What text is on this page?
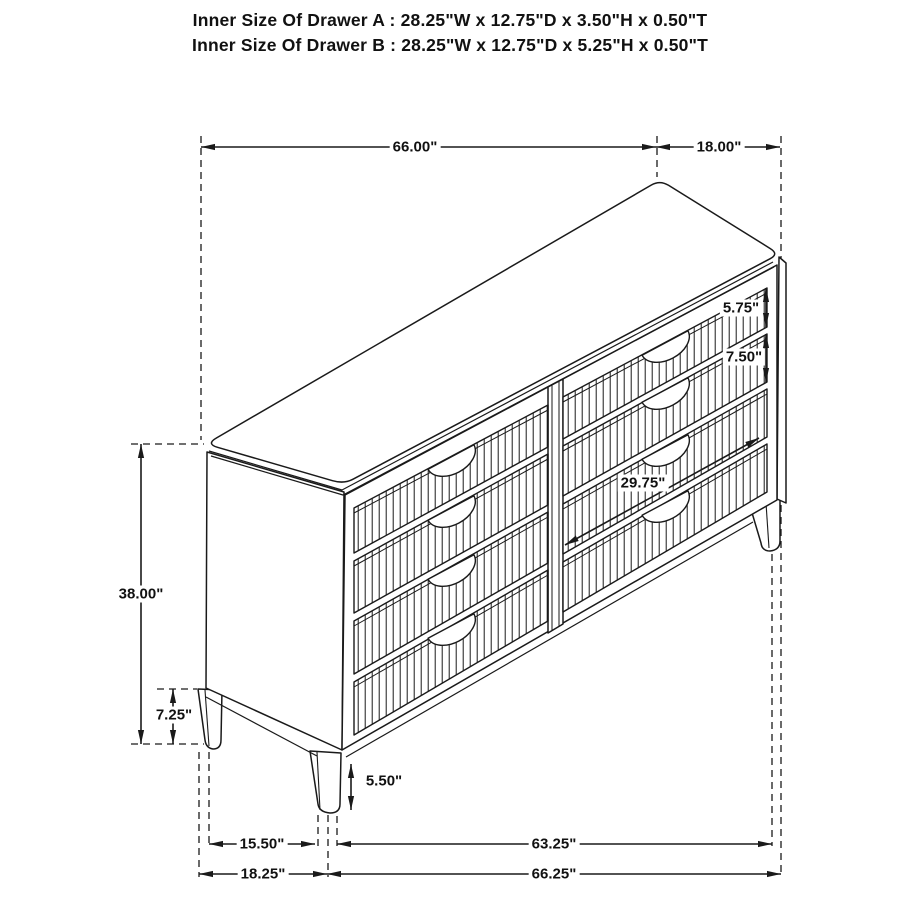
Inner Size Of Drawer A : 28.25"W x 12.75"D x 3.50"H x 0.50"T
Inner Size Of Drawer B : 28.25"W x 12.75"D x 5.25"H x 0.50"T
66.00"	18.00"
38.00"
7.25"
5.50"
5.75"
7.50"
29.75"
15.50"	63.25"
18.25"	66.25"
